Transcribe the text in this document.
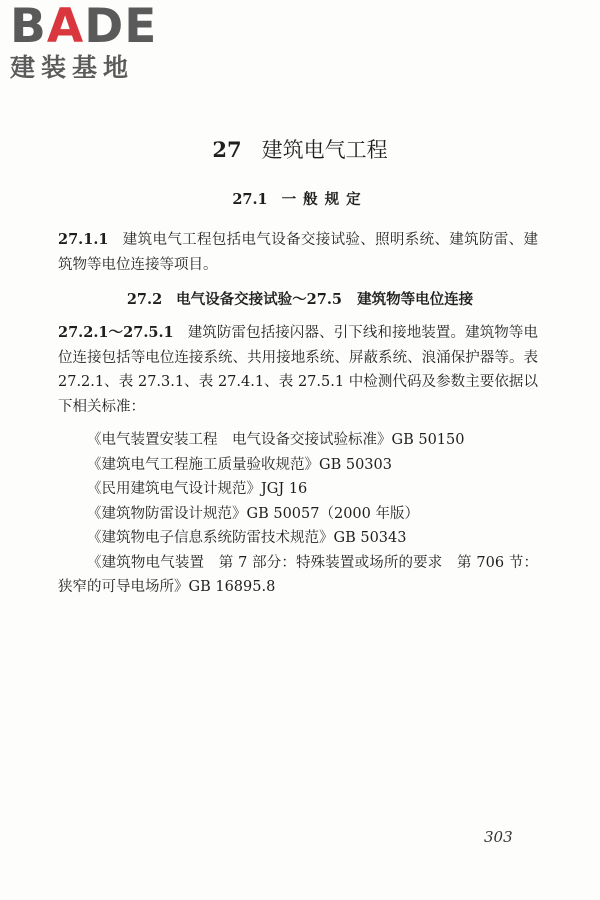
BADE
建装基地
27 建筑电气工程
27.1 一般规定
27.1.1 建筑电气工程包括电气设备交接试验、照明系统、建筑防雷、建筑物等电位连接等项目。
27.2 电气设备交接试验～27.5 建筑物等电位连接
27.2.1～27.5.1 建筑防雷包括接闪器、引下线和接地装置。建筑物等电位连接包括等电位连接系统、共用接地系统、屏蔽系统、浪涌保护器等。表 27.2.1、表 27.3.1、表 27.4.1、表 27.5.1 中检测代码及参数主要依据以下相关标准：
《电气装置安装工程　电气设备交接试验标准》GB 50150
《建筑电气工程施工质量验收规范》GB 50303
《民用建筑电气设计规范》JGJ 16
《建筑物防雷设计规范》GB 50057（2000 年版）
《建筑物电子信息系统防雷技术规范》GB 50343
《建筑物电气装置　第 7 部分：特殊装置或场所的要求　第 706 节：狭窄的可导电场所》GB 16895.8
303
